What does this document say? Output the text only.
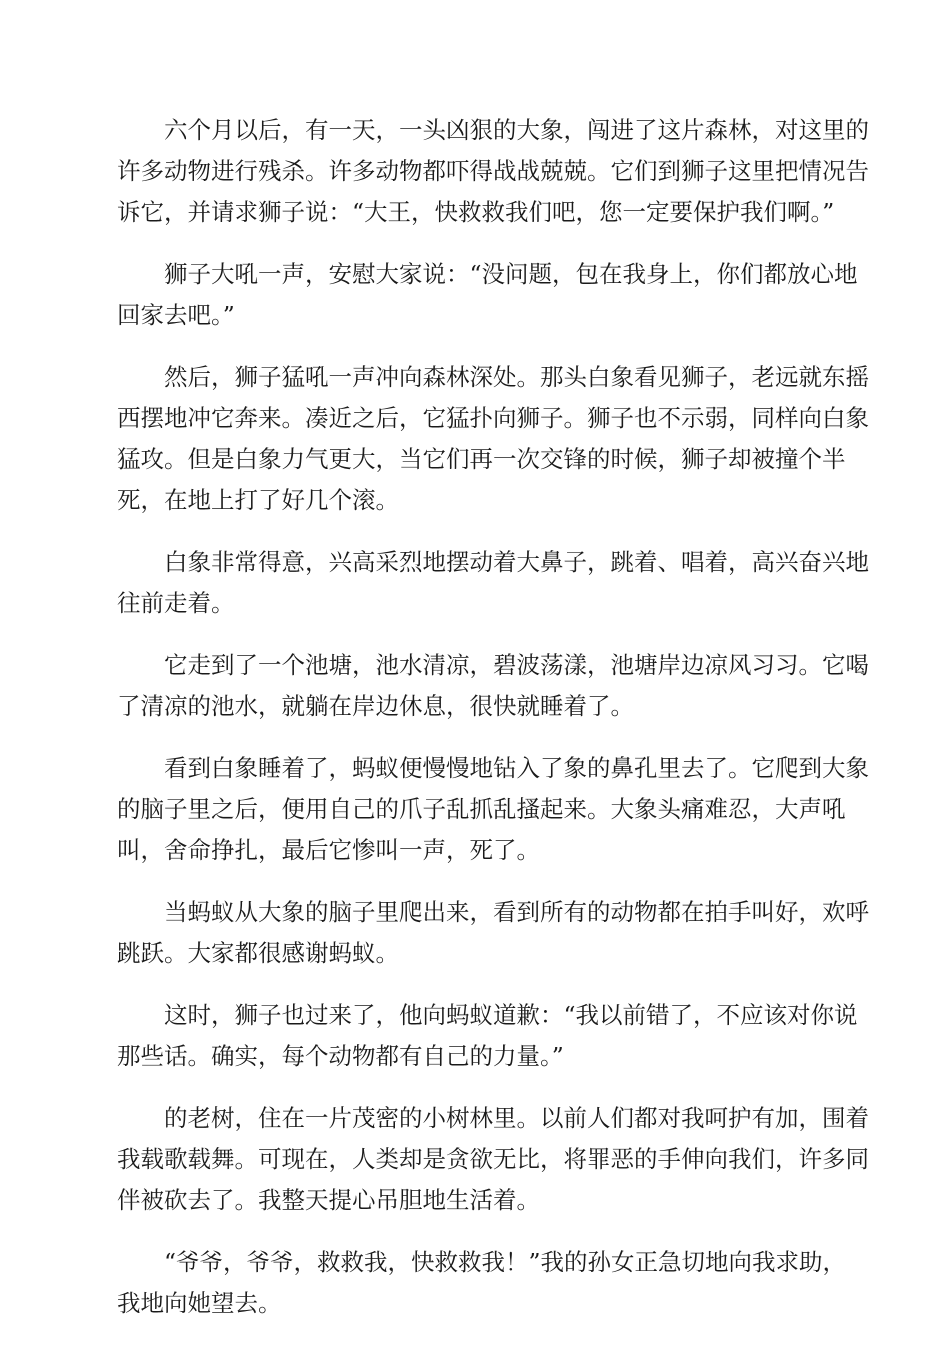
六个月以后，有一天，一头凶狠的大象，闯进了这片森林，对这里的
许多动物进行残杀。许多动物都吓得战战兢兢。它们到狮子这里把情况告
诉它，并请求狮子说：“大王，快救救我们吧，您一定要保护我们啊。”

狮子大吼一声，安慰大家说：“没问题，包在我身上，你们都放心地
回家去吧。”

然后，狮子猛吼一声冲向森林深处。那头白象看见狮子，老远就东摇
西摆地冲它奔来。凑近之后，它猛扑向狮子。狮子也不示弱，同样向白象
猛攻。但是白象力气更大，当它们再一次交锋的时候，狮子却被撞个半
死，在地上打了好几个滚。

白象非常得意，兴高采烈地摆动着大鼻子，跳着、唱着，高兴奋兴地
往前走着。

它走到了一个池塘，池水清凉，碧波荡漾，池塘岸边凉风习习。它喝
了清凉的池水，就躺在岸边休息，很快就睡着了。

看到白象睡着了，蚂蚁便慢慢地钻入了象的鼻孔里去了。它爬到大象
的脑子里之后，便用自己的爪子乱抓乱搔起来。大象头痛难忍，大声吼
叫，舍命挣扎，最后它惨叫一声，死了。

当蚂蚁从大象的脑子里爬出来，看到所有的动物都在拍手叫好，欢呼
跳跃。大家都很感谢蚂蚁。

这时，狮子也过来了，他向蚂蚁道歉：“我以前错了，不应该对你说
那些话。确实，每个动物都有自己的力量。”

的老树，住在一片茂密的小树林里。以前人们都对我呵护有加，围着
我载歌载舞。可现在，人类却是贪欲无比，将罪恶的手伸向我们，许多同
伴被砍去了。我整天提心吊胆地生活着。

“爷爷，爷爷，救救我，快救救我！”我的孙女正急切地向我求助，
我地向她望去。
